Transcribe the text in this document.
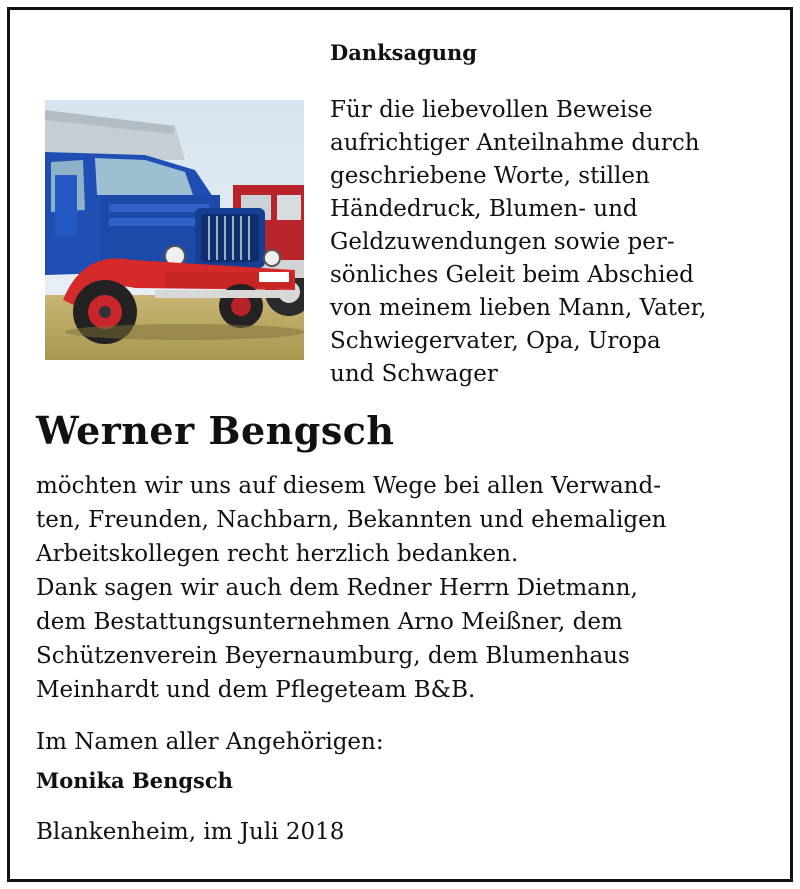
Danksagung
Für die liebevollen Beweise
aufrichtiger Anteilnahme durch
geschriebene Worte, stillen
Händedruck, Blumen- und
Geldzuwendungen sowie per-
sönliches Geleit beim Abschied
von meinem lieben Mann, Vater,
Schwiegervater, Opa, Uropa
und Schwager
Werner Bengsch
möchten wir uns auf diesem Wege bei allen Verwand-
ten, Freunden, Nachbarn, Bekannten und ehemaligen
Arbeitskollegen recht herzlich bedanken.
Dank sagen wir auch dem Redner Herrn Dietmann,
dem Bestattungsunternehmen Arno Meißner, dem
Schützenverein Beyernaumburg, dem Blumenhaus
Meinhardt und dem Pflegeteam B&B.
Im Namen aller Angehörigen:
Monika Bengsch
Blankenheim, im Juli 2018
